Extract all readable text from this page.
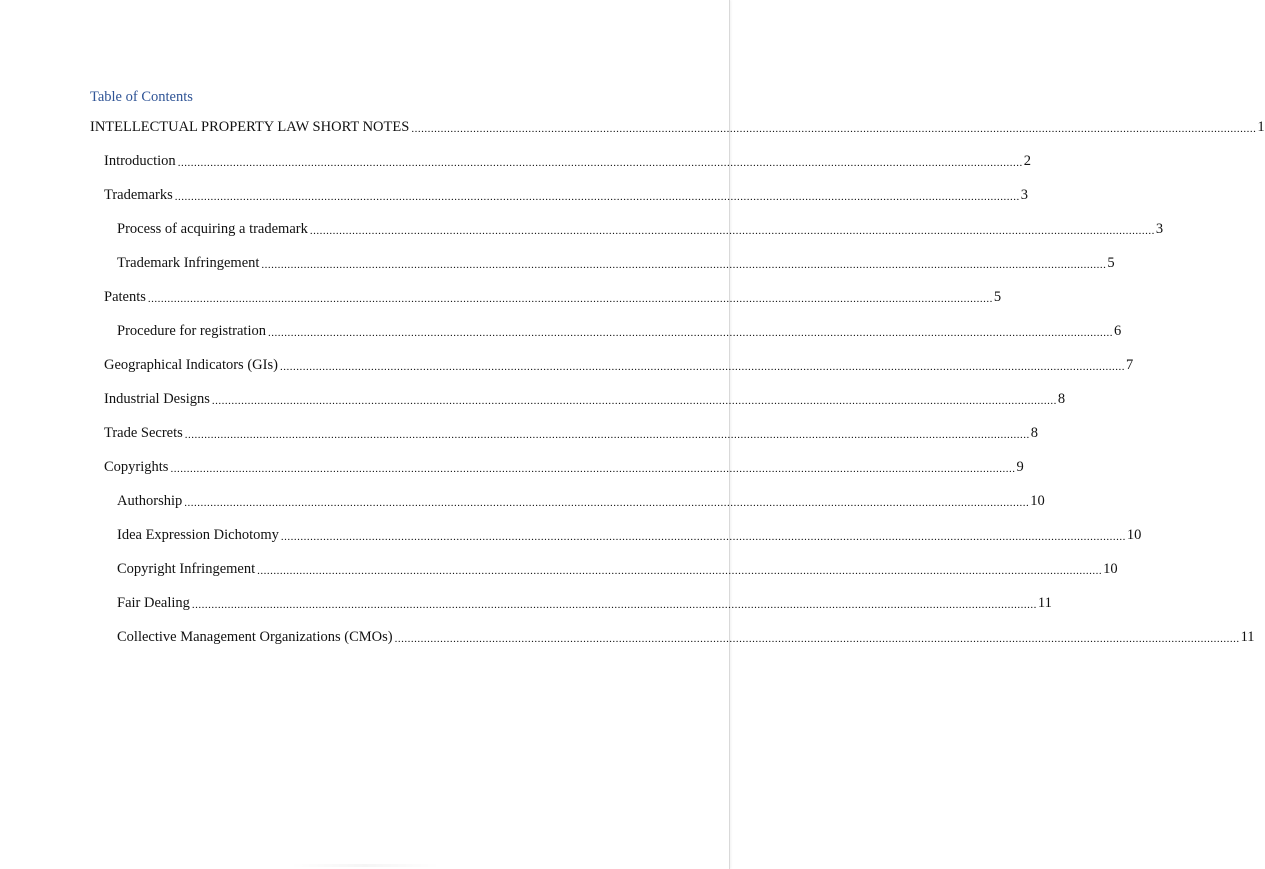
Table of Contents
INTELLECTUAL PROPERTY LAW SHORT NOTES .................................................................................................................................................................................................................................................................... 1
Introduction .................................................................................................................................................................................................................................................................... 2
Trademarks .................................................................................................................................................................................................................................................................... 3
Process of acquiring a trademark .................................................................................................................................................................................................................................................................... 3
Trademark Infringement .................................................................................................................................................................................................................................................................... 5
Patents .................................................................................................................................................................................................................................................................... 5
Procedure for registration .................................................................................................................................................................................................................................................................... 6
Geographical Indicators (GIs) .................................................................................................................................................................................................................................................................... 7
Industrial Designs .................................................................................................................................................................................................................................................................... 8
Trade Secrets .................................................................................................................................................................................................................................................................... 8
Copyrights .................................................................................................................................................................................................................................................................... 9
Authorship .................................................................................................................................................................................................................................................................... 10
Idea Expression Dichotomy .................................................................................................................................................................................................................................................................... 10
Copyright Infringement .................................................................................................................................................................................................................................................................... 10
Fair Dealing .................................................................................................................................................................................................................................................................... 11
Collective Management Organizations (CMOs) .................................................................................................................................................................................................................................................................... 11
